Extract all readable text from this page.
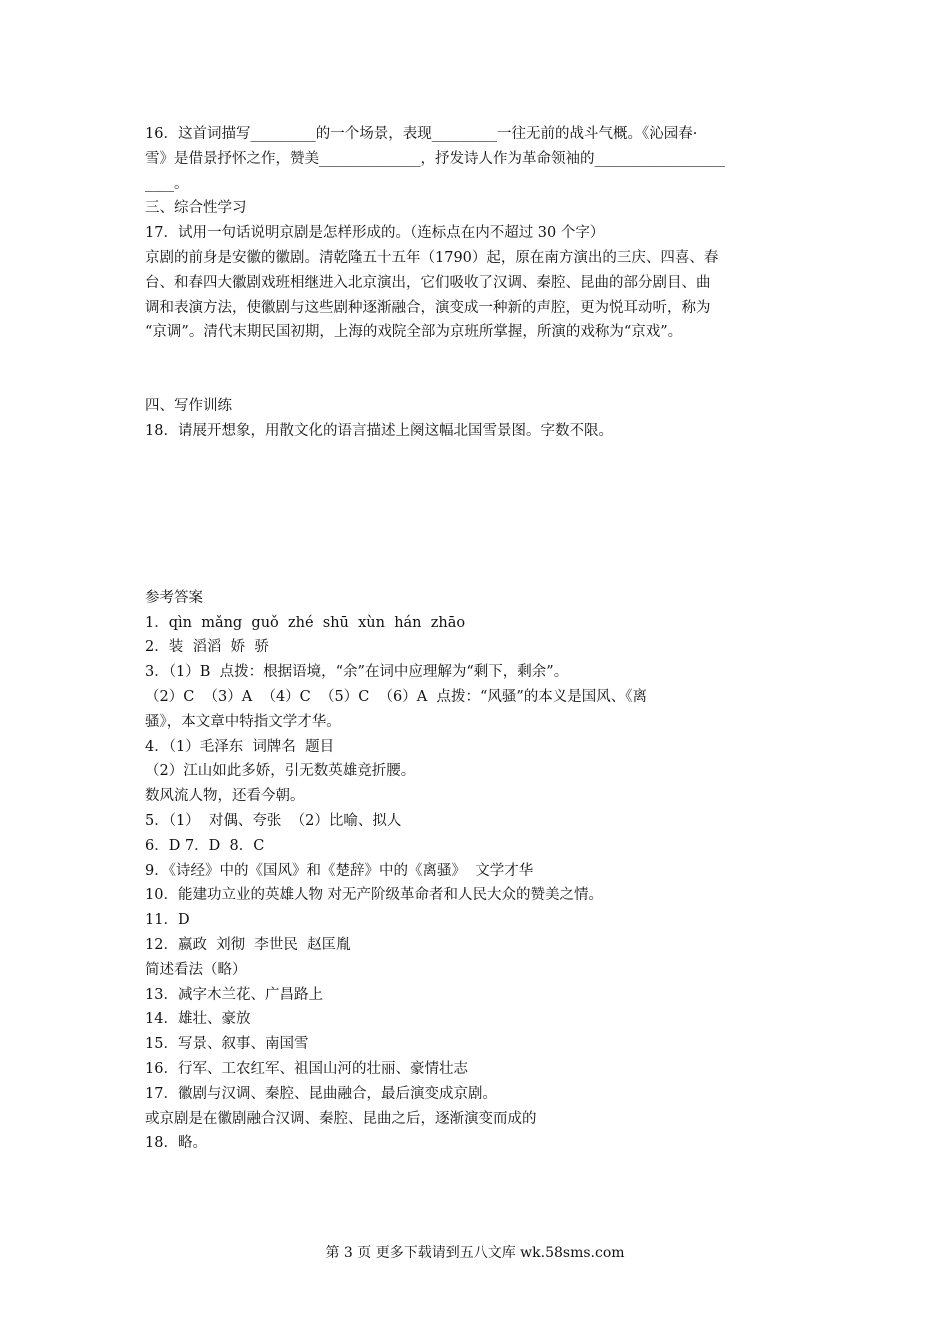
16．这首词描写_________的一个场景，表现_________一往无前的战斗气概。《沁园春·

雪》是借景抒怀之作，赞美______________，抒发诗人作为革命领袖的__________________

____。

三、综合性学习

17．试用一句话说明京剧是怎样形成的。（连标点在内不超过 30 个字）

京剧的前身是安徽的徽剧。清乾隆五十五年（1790）起，原在南方演出的三庆、四喜、春

台、和春四大徽剧戏班相继进入北京演出，它们吸收了汉调、秦腔、昆曲的部分剧目、曲

调和表演方法，使徽剧与这些剧种逐渐融合，演变成一种新的声腔，更为悦耳动听，称为

“京调”。清代末期民国初期，上海的戏院全部为京班所掌握，所演的戏称为“京戏”。

四、写作训练

18．请展开想象，用散文化的语言描述上阕这幅北国雪景图。字数不限。

参考答案

1．qìn  mǎng  guǒ  zhé  shū  xùn  hán  zhāo

2．装  滔滔  娇  骄

3．（1）B  点拨：根据语境，“余”在词中应理解为“剩下，剩余”。

（2）C  （3）A  （4）C  （5）C  （6）A  点拨：“风骚”的本义是国风、《离

骚》，本文章中特指文学才华。

4．（1）毛泽东  词牌名  题目

（2）江山如此多娇，引无数英雄竞折腰。

数风流人物，还看今朝。

5．（1）  对偶、夸张  （2）比喻、拟人

6．D 7．D  8．C

9．《诗经》中的《国风》和《楚辞》中的《离骚》  文学才华

10．能建功立业的英雄人物 对无产阶级革命者和人民大众的赞美之情。

11．D

12．嬴政  刘彻  李世民  赵匡胤

简述看法（略）

13．减字木兰花、广昌路上

14．雄壮、豪放

15．写景、叙事、南国雪

16．行军、工农红军、祖国山河的壮丽、豪情壮志

17．徽剧与汉调、秦腔、昆曲融合，最后演变成京剧。

或京剧是在徽剧融合汉调、秦腔、昆曲之后，逐渐演变而成的

18．略。

第 3 页 更多下载请到五八文库 wk.58sms.com
